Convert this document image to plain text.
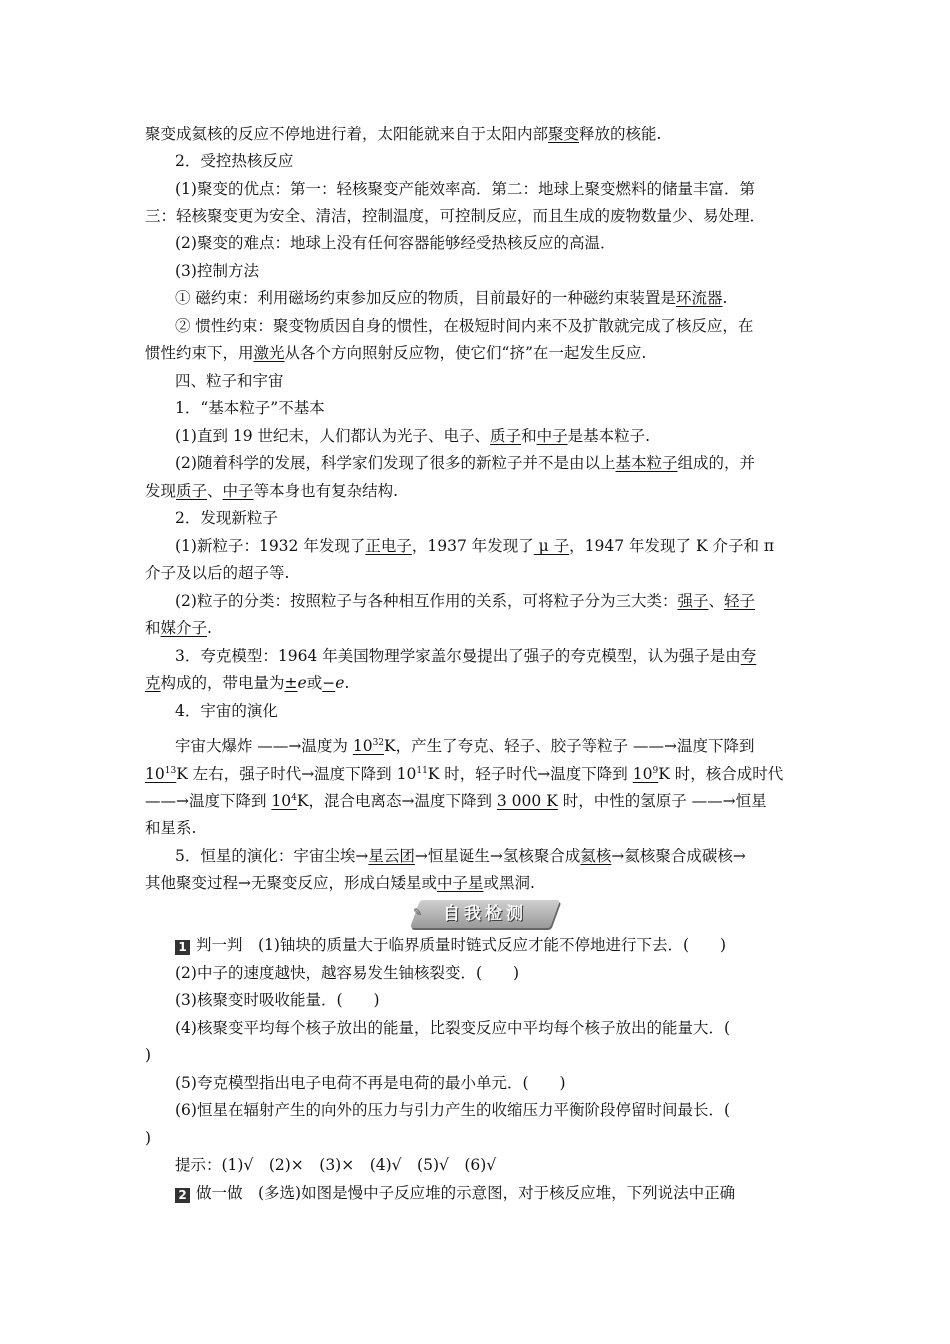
聚变成氦核的反应不停地进行着，太阳能就来自于太阳内部聚变释放的核能.
2．受控热核反应
(1)聚变的优点：第一：轻核聚变产能效率高．第二：地球上聚变燃料的储量丰富．第
三：轻核聚变更为安全、清洁，控制温度，可控制反应，而且生成的废物数量少、易处理．
(2)聚变的难点：地球上没有任何容器能够经受热核反应的高温．
(3)控制方法
① 磁约束：利用磁场约束参加反应的物质，目前最好的一种磁约束装置是环流器.
② 惯性约束：聚变物质因自身的惯性，在极短时间内来不及扩散就完成了核反应，在
惯性约束下，用激光从各个方向照射反应物，使它们“挤”在一起发生反应.
四、粒子和宇宙
1．“基本粒子”不基本
(1)直到 19 世纪末，人们都认为光子、电子、质子和中子是基本粒子.
(2)随着科学的发展，科学家们发现了很多的新粒子并不是由以上基本粒子组成的，并
发现质子、中子等本身也有复杂结构.
2．发现新粒子
(1)新粒子：1932 年发现了正电子，1937 年发现了 μ 子，1947 年发现了 K 介子和 π
介子及以后的超子等.
(2)粒子的分类：按照粒子与各种相互作用的关系，可将粒子分为三大类：强子、轻子
和媒介子.
3．夸克模型：1964 年美国物理学家盖尔曼提出了强子的夸克模型，认为强子是由夸
克构成的，带电量为±e或−e.
4．宇宙的演化
宇宙大爆炸 ——→温度为 $10^{32}K$，产生了夸克、轻子、胶子等粒子 ——→温度下降到
$10^{13}K$ 左右，强子时代→温度下降到 $10^{11}K$ 时，轻子时代→温度下降到 $10^9K$ 时，核合成时代
——→温度下降到 $10^4K$，混合电离态→温度下降到 3 000 K 时，中性的氢原子 ——→恒星
和星系.
5．恒星的演化：宇宙尘埃→星云团→恒星诞生→氢核聚合成氦核→氦核聚合成碳核→
其他聚变过程→无聚变反应，形成白矮星或中子星或黑洞.
✎	自我检测
1 判一判　(1)铀块的质量大于临界质量时链式反应才能不停地进行下去．(　　)
(2)中子的速度越快，越容易发生铀核裂变．(　　)
(3)核聚变时吸收能量．(　　)
(4)核聚变平均每个核子放出的能量，比裂变反应中平均每个核子放出的能量大．(
)
(5)夸克模型指出电子电荷不再是电荷的最小单元．(　　)
(6)恒星在辐射产生的向外的压力与引力产生的收缩压力平衡阶段停留时间最长．(
)
提示：(1)√　(2)×　(3)×　(4)√　(5)√　(6)√
2 做一做　(多选)如图是慢中子反应堆的示意图，对于核反应堆，下列说法中正确
